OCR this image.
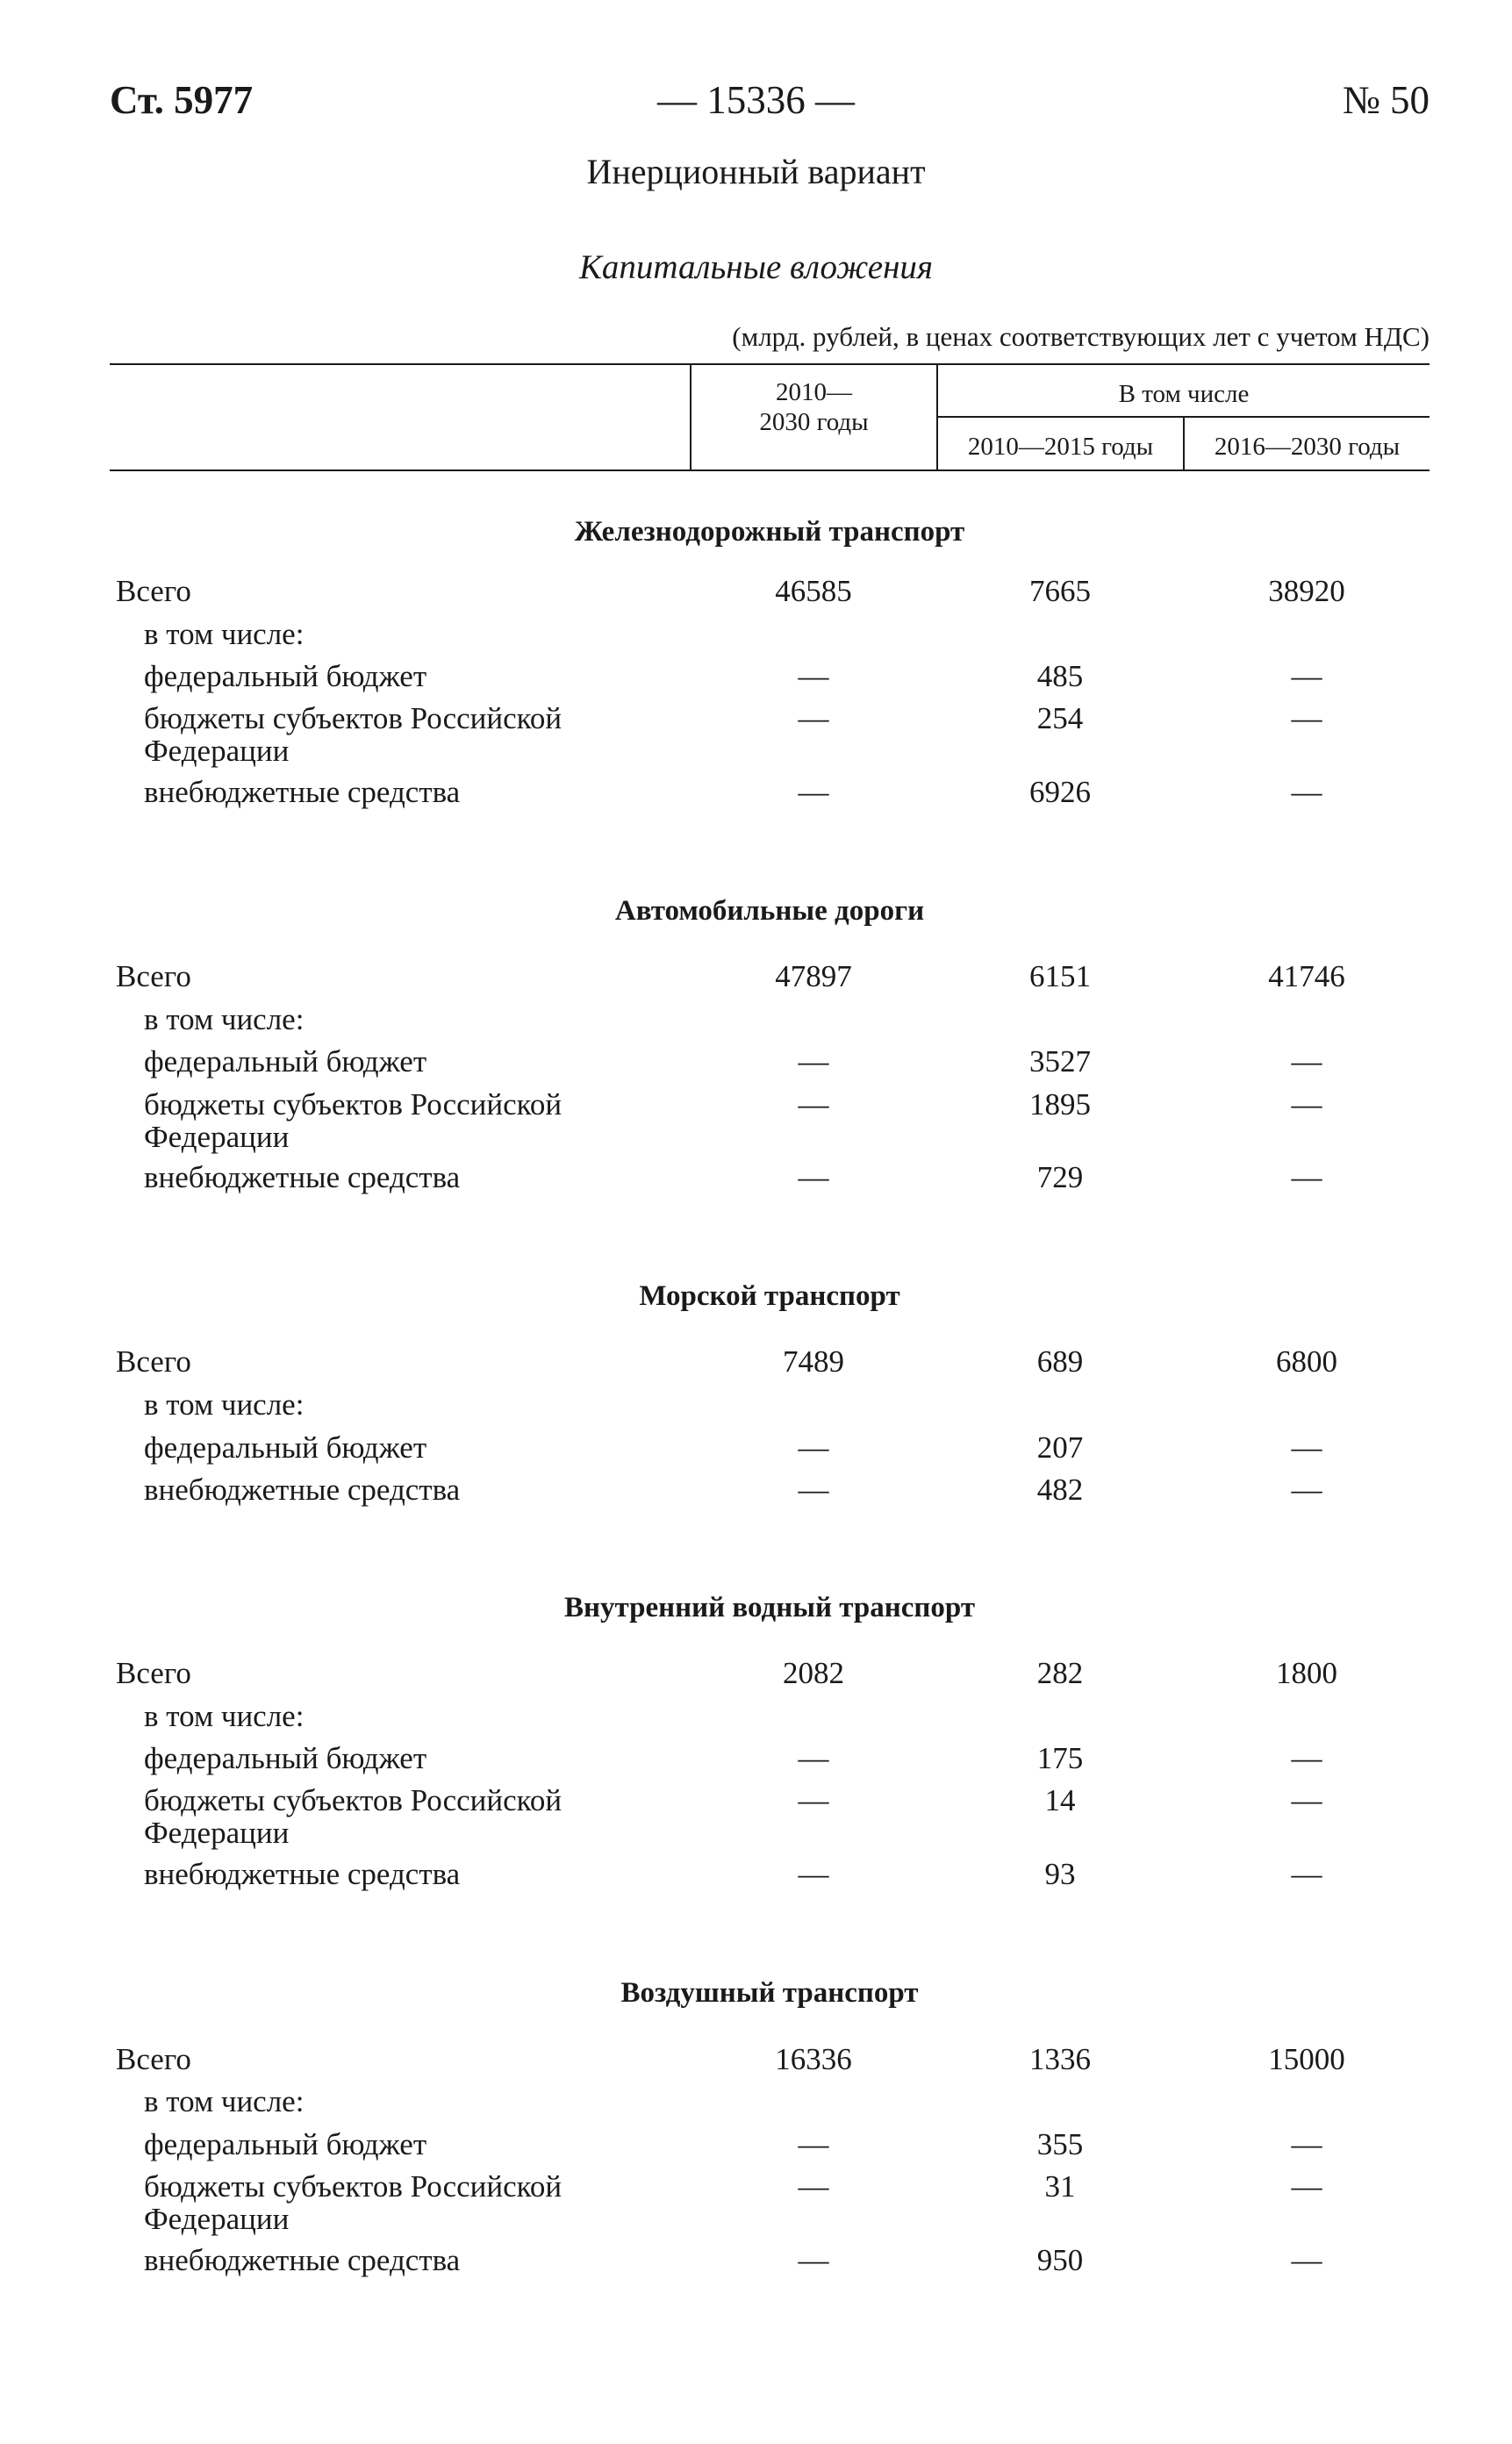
Ст. 5977	— 15336 —	№ 50
Инерционный вариант
Капитальные вложения
(млрд. рублей, в ценах соответствующих лет с учетом НДС)
2010—
2030 годы
В том числе
2010—2015 годы	2016—2030 годы
Железнодорожный транспорт
Всего	46585	7665	38920
в том числе:
федеральный бюджет	—	485	—
бюджеты субъектов Российской
Федерации
—	254	—
внебюджетные средства	—	6926	—
Автомобильные дороги
Всего	47897	6151	41746
в том числе:
федеральный бюджет	—	3527	—
бюджеты субъектов Российской
Федерации
—	1895	—
внебюджетные средства	—	729	—
Морской транспорт
Всего	7489	689	6800
в том числе:
федеральный бюджет	—	207	—
внебюджетные средства	—	482	—
Внутренний водный транспорт
Всего	2082	282	1800
в том числе:
федеральный бюджет	—	175	—
бюджеты субъектов Российской
Федерации
—	14	—
внебюджетные средства	—	93	—
Воздушный транспорт
Всего	16336	1336	15000
в том числе:
федеральный бюджет	—	355	—
бюджеты субъектов Российской
Федерации
—	31	—
внебюджетные средства	—	950	—
